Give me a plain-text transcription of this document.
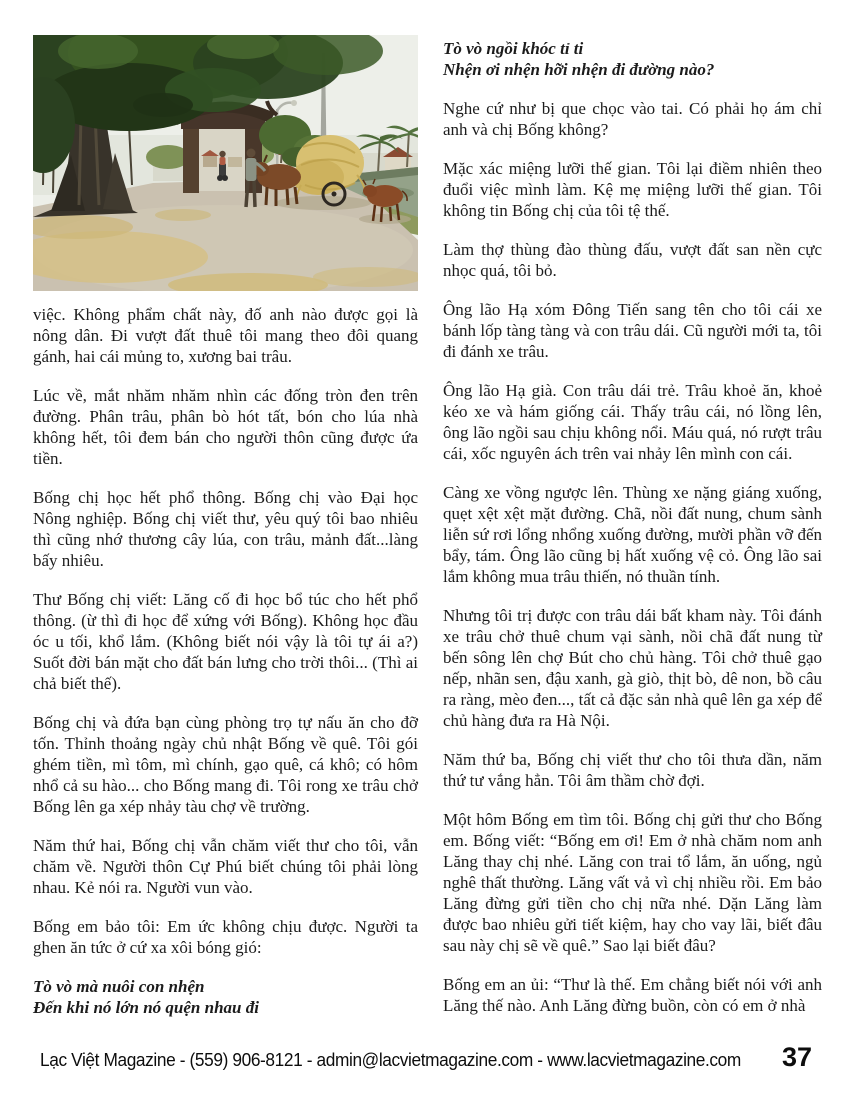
việc. Không phẩm chất này, đố anh nào được gọi là nông dân. Đi vượt đất thuê tôi mang theo đôi quang gánh, hai cái mủng to, xương bai trâu.

Lúc về, mắt nhăm nhăm nhìn các đống tròn đen trên đường. Phân trâu, phân bò hót tất, bón cho lúa nhà không hết, tôi đem bán cho người thôn cũng được ứa tiền.

Bống chị học hết phổ thông. Bống chị vào Đại học Nông nghiệp. Bống chị viết thư, yêu quý tôi bao nhiêu thì cũng nhớ thương cây lúa, con trâu, mảnh đất...làng bấy nhiêu.

Thư Bống chị viết: Lăng cố đi học bổ túc cho hết phổ thông. (ừ thì đi học để xứng với Bống). Không học đầu óc u tối, khổ lắm. (Không biết nói vậy là tôi tự ái a?) Suốt đời bán mặt cho đất bán lưng cho trời thôi... (Thì ai chả biết thế).

Bống chị và đứa bạn cùng phòng trọ tự nấu ăn cho đỡ tốn. Thỉnh thoảng ngày chủ nhật Bống về quê. Tôi gói ghém tiền, mì tôm, mì chính, gạo quê, cá khô; có hôm nhổ cả su hào... cho Bống mang đi. Tôi rong xe trâu chở Bống lên ga xép nhảy tàu chợ về trường.

Năm thứ hai, Bống chị vẫn chăm viết thư cho tôi, vẫn chăm về. Người thôn Cự Phú biết chúng tôi phải lòng nhau. Kẻ nói ra. Người vun vào.

Bống em bảo tôi: Em ức không chịu được. Người ta ghen ăn tức ở cứ xa xôi bóng gió:

Tò vò mà nuôi con nhện
Đến khi nó lớn nó quện nhau đi

Tò vò ngồi khóc tỉ ti
Nhện ơi nhện hỡi nhện đi đường nào?

Nghe cứ như bị que chọc vào tai. Có phải họ ám chỉ anh và chị Bống không?

Mặc xác miệng lưỡi thế gian. Tôi lại điềm nhiên theo đuổi việc mình làm. Kệ mẹ miệng lưỡi thế gian. Tôi không tin Bống chị của tôi tệ thế.

Làm thợ thùng đào thùng đấu, vượt đất san nền cực nhọc quá, tôi bỏ.

Ông lão Hạ xóm Đông Tiến sang tên cho tôi cái xe bánh lốp tàng tàng và con trâu dái. Cũ người mới ta, tôi đi đánh xe trâu.

Ông lão Hạ già. Con trâu dái trẻ. Trâu khoẻ ăn, khoẻ kéo xe và hám giống cái. Thấy trâu cái, nó lồng lên, ông lão ngồi sau chịu không nổi. Máu quá, nó rượt trâu cái, xốc nguyên ách trên vai nhảy lên mình con cái.

Càng xe vồng ngược lên. Thùng xe nặng giáng xuống, quẹt xệt xệt mặt đường. Chã, nồi đất nung, chum sành liễn sứ rơi lổng nhổng xuống đường, mười phần vỡ đến bẩy, tám. Ông lão cũng bị hất xuống vệ cỏ. Ông lão sai lắm không mua trâu thiến, nó thuần tính.

Nhưng tôi trị được con trâu dái bất kham này. Tôi đánh xe trâu chở thuê chum vại sành, nồi chã đất nung từ bến sông lên chợ Bút cho chủ hàng. Tôi chở thuê gạo nếp, nhãn sen, đậu xanh, gà giò, thịt bò, dê non, bồ câu ra ràng, mèo đen..., tất cả đặc sản nhà quê lên ga xép để chủ hàng đưa ra Hà Nội.

Năm thứ ba, Bống chị viết thư cho tôi thưa dần, năm thứ tư vắng hẳn. Tôi âm thầm chờ đợi.

Một hôm Bống em tìm tôi. Bống chị gửi thư cho Bống em. Bống viết: “Bống em ơi! Em ở nhà chăm nom anh Lăng thay chị nhé. Lăng con trai tổ lắm, ăn uống, ngủ nghê thất thường. Lăng vất vả vì chị nhiều rồi. Em bảo Lăng đừng gửi tiền cho chị nữa nhé. Dặn Lăng làm được bao nhiêu gửi tiết kiệm, hay cho vay lãi, biết đâu sau này chị sẽ về quê.” Sao lại biết đâu?

Bống em an ủi: “Thư là thế. Em chẳng biết nói với anh Lăng thế nào. Anh Lăng đừng buồn, còn có em ở nhà

Lạc Việt Magazine - (559) 906-8121 - admin@lacvietmagazine.com - www.lacvietmagazine.com 37
